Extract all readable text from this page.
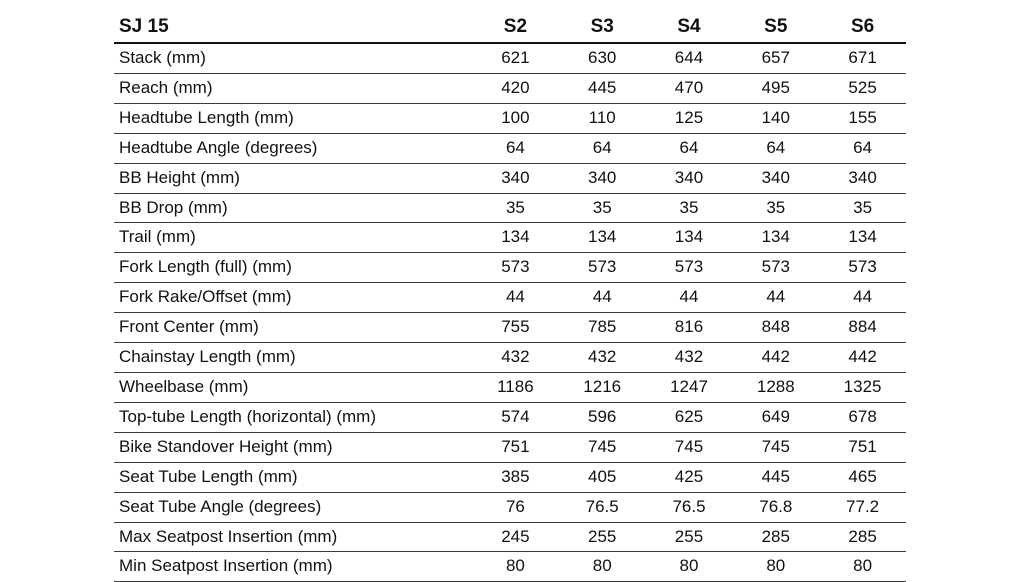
SJ 15	S2	S3	S4	S5	S6
Stack (mm)	621	630	644	657	671
Reach (mm)	420	445	470	495	525
Headtube Length (mm)	100	110	125	140	155
Headtube Angle (degrees)	64	64	64	64	64
BB Height (mm)	340	340	340	340	340
BB Drop (mm)	35	35	35	35	35
Trail (mm)	134	134	134	134	134
Fork Length (full) (mm)	573	573	573	573	573
Fork Rake/Offset (mm)	44	44	44	44	44
Front Center (mm)	755	785	816	848	884
Chainstay Length (mm)	432	432	432	442	442
Wheelbase (mm)	1186	1216	1247	1288	1325
Top-tube Length (horizontal) (mm)	574	596	625	649	678
Bike Standover Height (mm)	751	745	745	745	751
Seat Tube Length (mm)	385	405	425	445	465
Seat Tube Angle (degrees)	76	76.5	76.5	76.8	77.2
Max Seatpost Insertion (mm)	245	255	255	285	285
Min Seatpost Insertion (mm)	80	80	80	80	80
